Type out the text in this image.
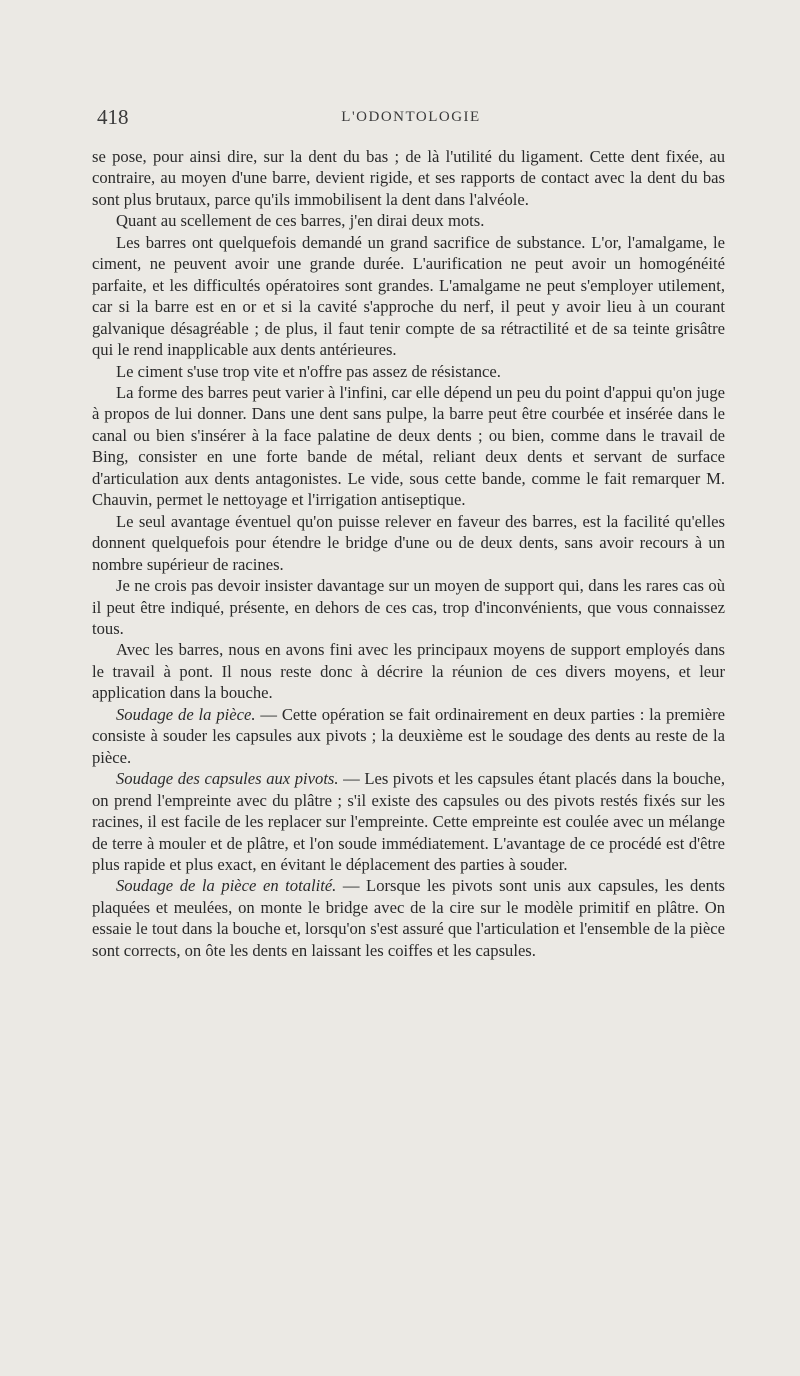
418	L'ODONTOLOGIE

se pose, pour ainsi dire, sur la dent du bas ; de là l'utilité du ligament. Cette dent fixée, au contraire, au moyen d'une barre, devient rigide, et ses rapports de contact avec la dent du bas sont plus brutaux, parce qu'ils immobilisent la dent dans l'alvéole.

Quant au scellement de ces barres, j'en dirai deux mots.

Les barres ont quelquefois demandé un grand sacrifice de substance. L'or, l'amalgame, le ciment, ne peuvent avoir une grande durée. L'aurification ne peut avoir un homogénéité parfaite, et les difficultés opératoires sont grandes. L'amalgame ne peut s'employer utilement, car si la barre est en or et si la cavité s'approche du nerf, il peut y avoir lieu à un courant galvanique désagréable ; de plus, il faut tenir compte de sa rétractilité et de sa teinte grisâtre qui le rend inapplicable aux dents antérieures.

Le ciment s'use trop vite et n'offre pas assez de résistance.

La forme des barres peut varier à l'infini, car elle dépend un peu du point d'appui qu'on juge à propos de lui donner. Dans une dent sans pulpe, la barre peut être courbée et insérée dans le canal ou bien s'insérer à la face palatine de deux dents ; ou bien, comme dans le travail de Bing, consister en une forte bande de métal, reliant deux dents et servant de surface d'articulation aux dents antagonistes. Le vide, sous cette bande, comme le fait remarquer M. Chauvin, permet le nettoyage et l'irrigation antiseptique.

Le seul avantage éventuel qu'on puisse relever en faveur des barres, est la facilité qu'elles donnent quelquefois pour étendre le bridge d'une ou de deux dents, sans avoir recours à un nombre supérieur de racines.

Je ne crois pas devoir insister davantage sur un moyen de support qui, dans les rares cas où il peut être indiqué, présente, en dehors de ces cas, trop d'inconvénients, que vous connaissez tous.

Avec les barres, nous en avons fini avec les principaux moyens de support employés dans le travail à pont. Il nous reste donc à décrire la réunion de ces divers moyens, et leur application dans la bouche.

Soudage de la pièce. — Cette opération se fait ordinairement en deux parties : la première consiste à souder les capsules aux pivots ; la deuxième est le soudage des dents au reste de la pièce.

Soudage des capsules aux pivots. — Les pivots et les capsules étant placés dans la bouche, on prend l'empreinte avec du plâtre ; s'il existe des capsules ou des pivots restés fixés sur les racines, il est facile de les replacer sur l'empreinte. Cette empreinte est coulée avec un mélange de terre à mouler et de plâtre, et l'on soude immédiatement. L'avantage de ce procédé est d'être plus rapide et plus exact, en évitant le déplacement des parties à souder.

Soudage de la pièce en totalité. — Lorsque les pivots sont unis aux capsules, les dents plaquées et meulées, on monte le bridge avec de la cire sur le modèle primitif en plâtre. On essaie le tout dans la bouche et, lorsqu'on s'est assuré que l'articulation et l'ensemble de la pièce sont corrects, on ôte les dents en laissant les coiffes et les capsules.
